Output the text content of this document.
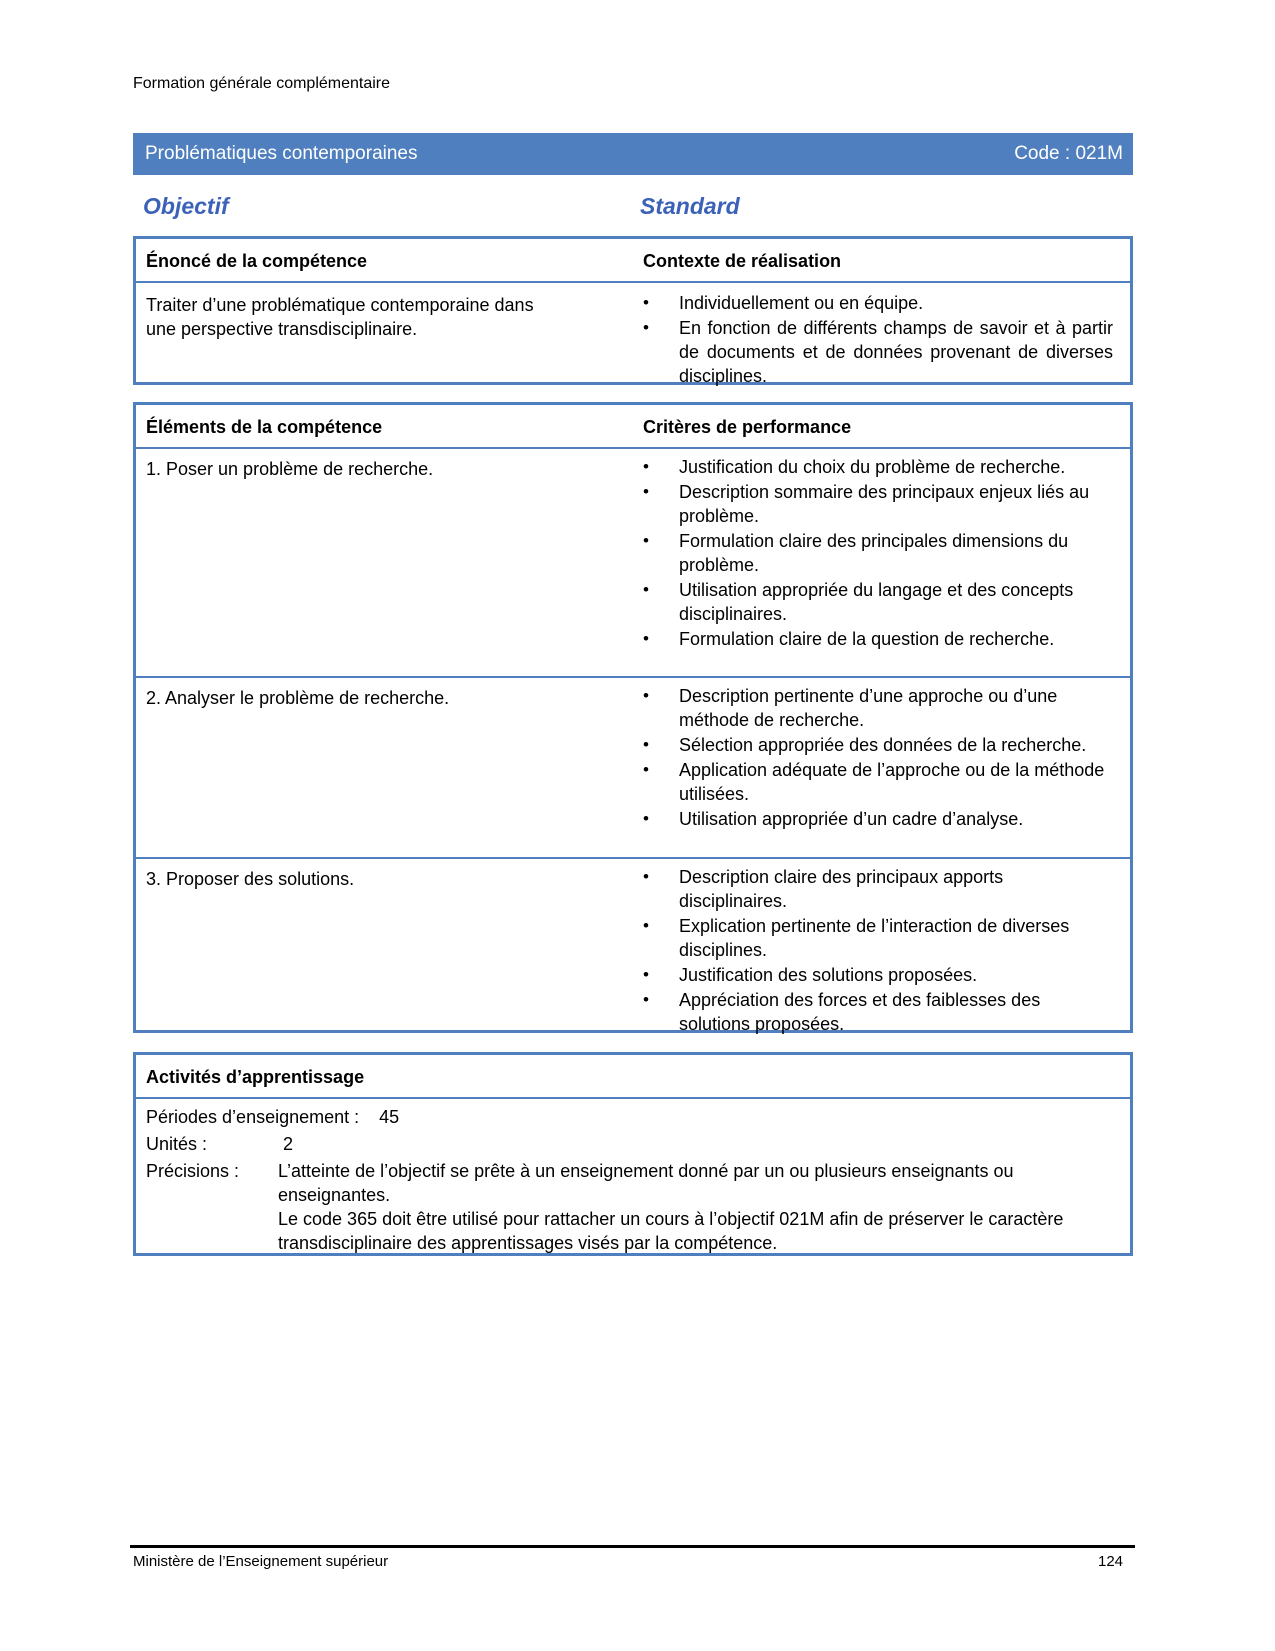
Formation générale complémentaire
Problématiques contemporaines	Code : 021M
Objectif	Standard
Énoncé de la compétence	Contexte de réalisation
Traiter d’une problématique contemporaine dans
une perspective transdisciplinaire.
• Individuellement ou en équipe.
• En fonction de différents champs de savoir et à partir de documents et de données provenant de diverses disciplines.
Éléments de la compétence	Critères de performance
1. Poser un problème de recherche.	• Justification du choix du problème de recherche.
• Description sommaire des principaux enjeux liés au problème.
• Formulation claire des principales dimensions du problème.
• Utilisation appropriée du langage et des concepts disciplinaires.
• Formulation claire de la question de recherche.
2. Analyser le problème de recherche.	• Description pertinente d’une approche ou d’une méthode de recherche.
• Sélection appropriée des données de la recherche.
• Application adéquate de l’approche ou de la méthode utilisées.
• Utilisation appropriée d’un cadre d’analyse.
3. Proposer des solutions.	• Description claire des principaux apports disciplinaires.
• Explication pertinente de l’interaction de diverses disciplines.
• Justification des solutions proposées.
• Appréciation des forces et des faiblesses des solutions proposées.
Activités d’apprentissage
Périodes d’enseignement : 45
Unités :	2
Précisions : L’atteinte de l’objectif se prête à un enseignement donné par un ou plusieurs enseignants ou enseignantes.
Le code 365 doit être utilisé pour rattacher un cours à l’objectif 021M afin de préserver le caractère transdisciplinaire des apprentissages visés par la compétence.
Ministère de l’Enseignement supérieur	124
